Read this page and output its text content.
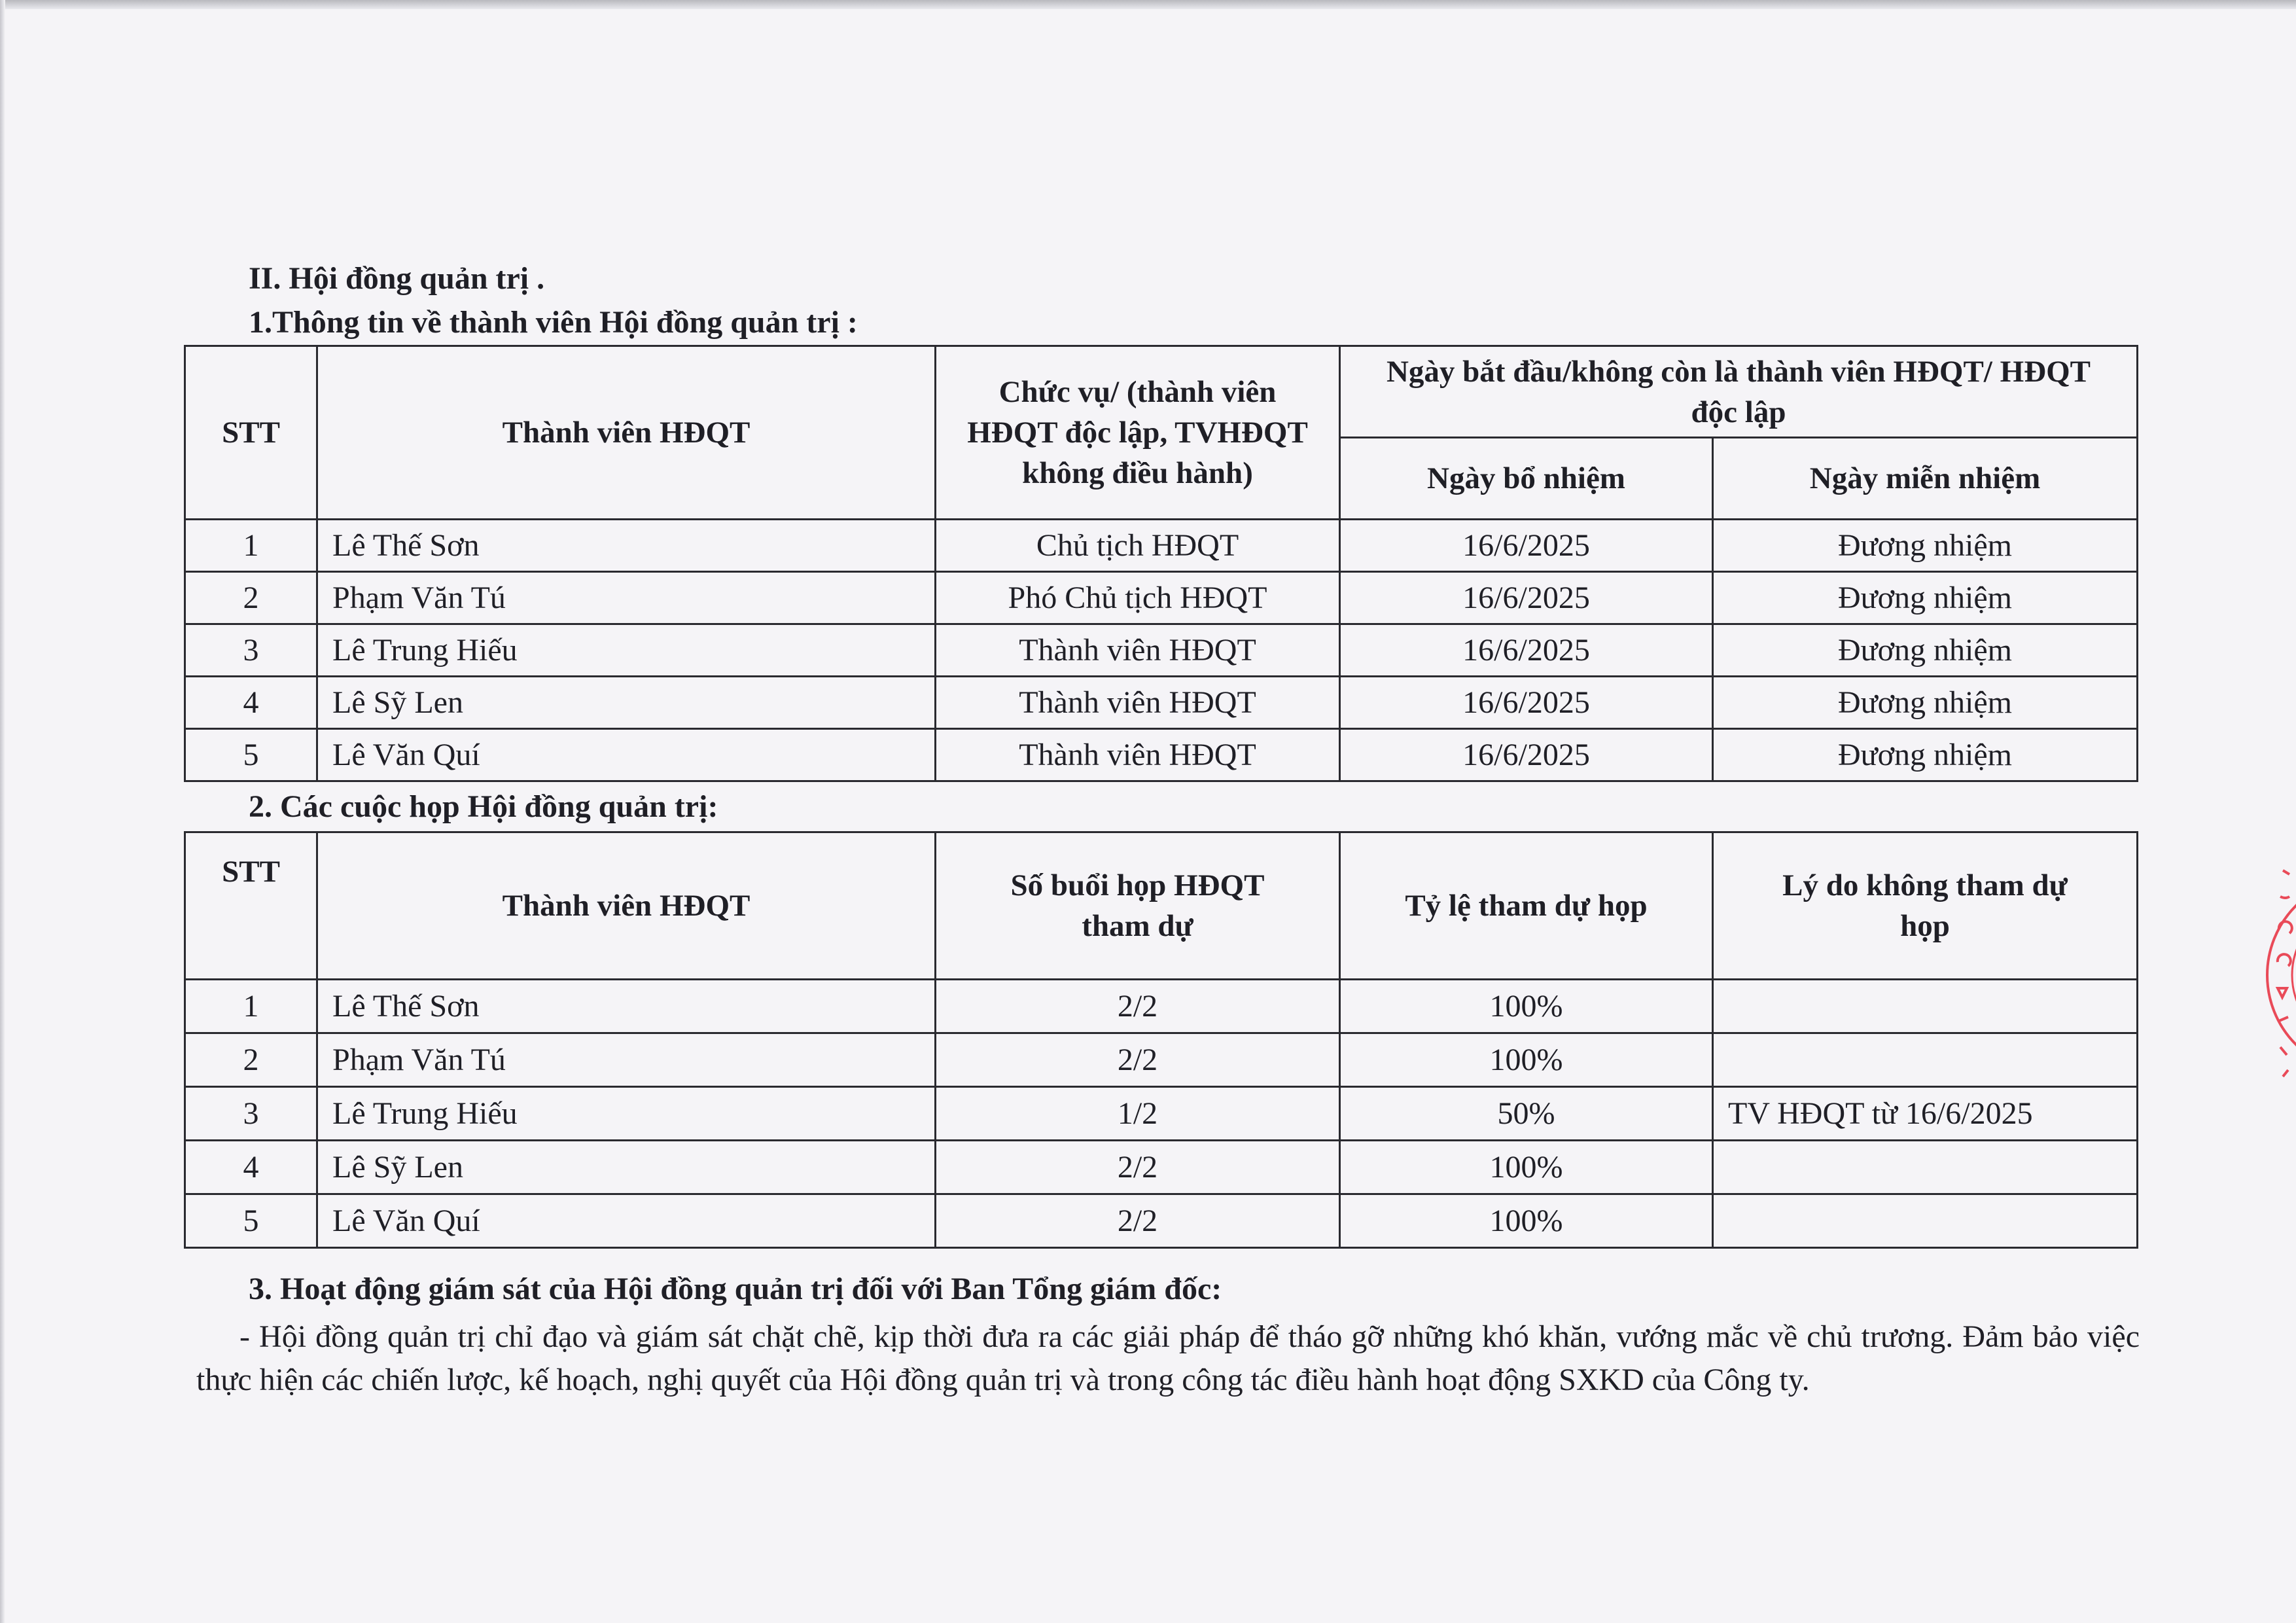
II. Hội đồng quản trị .
1.Thông tin về thành viên Hội đồng quản trị :
STT	Thành viên HĐQT	Chức vụ/ (thành viên HĐQT độc lập, TVHĐQT không điều hành)	Ngày bắt đầu/không còn là thành viên HĐQT/ HĐQT độc lập	
			Ngày bổ nhiệm	Ngày miễn nhiệm
1	Lê Thế Sơn	Chủ tịch HĐQT	16/6/2025	Đương nhiệm
2	Phạm Văn Tú	Phó Chủ tịch HĐQT	16/6/2025	Đương nhiệm
3	Lê Trung Hiếu	Thành viên HĐQT	16/6/2025	Đương nhiệm
4	Lê Sỹ Len	Thành viên HĐQT	16/6/2025	Đương nhiệm
5	Lê Văn Quí	Thành viên HĐQT	16/6/2025	Đương nhiệm
2. Các cuộc họp Hội đồng quản trị:
STT	Thành viên HĐQT	Số buổi họp HĐQT tham dự	Tỷ lệ tham dự họp	Lý do không tham dự họp
1	Lê Thế Sơn	2/2	100%	
2	Phạm Văn Tú	2/2	100%	
3	Lê Trung Hiếu	1/2	50%	TV HĐQT từ 16/6/2025
4	Lê Sỹ Len	2/2	100%	
5	Lê Văn Quí	2/2	100%	
3. Hoạt động giám sát của Hội đồng quản trị đối với Ban Tổng giám đốc:
- Hội đồng quản trị chỉ đạo và giám sát chặt chẽ, kịp thời đưa ra các giải pháp để tháo gỡ những khó khăn, vướng mắc về chủ trương. Đảm bảo việc thực hiện các chiến lược, kế hoạch, nghị quyết của Hội đồng quản trị và trong công tác điều hành hoạt động SXKD của Công ty.
